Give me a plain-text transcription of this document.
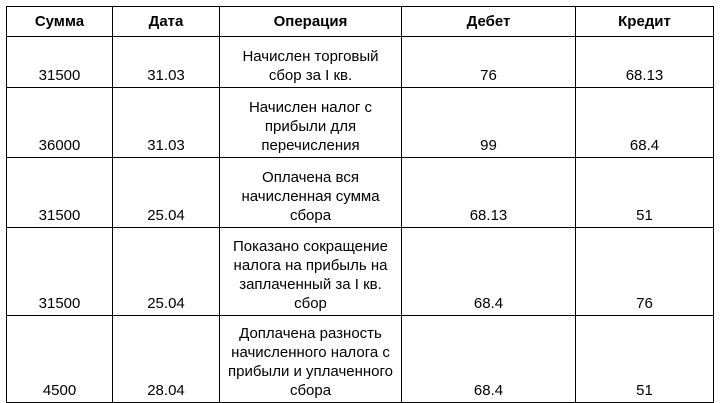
Сумма	Дата	Операция	Дебет	Кредит
31500	31.03	Начислен торговый сбор за I кв.	76	68.13
36000	31.03	Начислен налог с прибыли для перечисления	99	68.4
31500	25.04	Оплачена вся начисленная сумма сбора	68.13	51
31500	25.04	Показано сокращение налога на прибыль на заплаченный за I кв. сбор	68.4	76
4500	28.04	Доплачена разность начисленного налога с прибыли и уплаченного сбора	68.4	51
